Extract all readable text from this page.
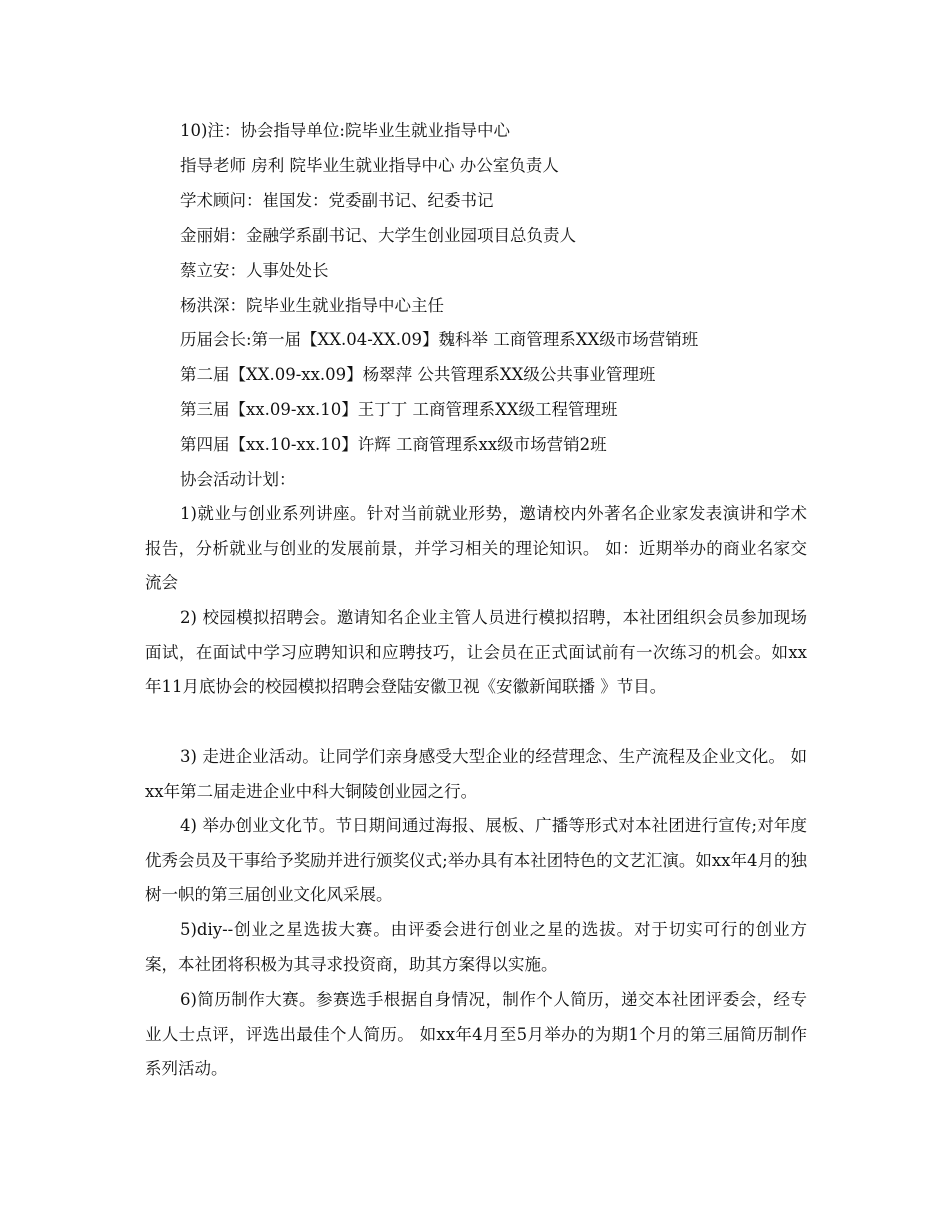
10)注：协会指导单位:院毕业生就业指导中心
指导老师 房利 院毕业生就业指导中心 办公室负责人
学术顾问：崔国发：党委副书记、纪委书记
金丽娟：金融学系副书记、大学生创业园项目总负责人
蔡立安：人事处处长
杨洪深：院毕业生就业指导中心主任
历届会长:第一届【XX.04-XX.09】魏科举 工商管理系XX级市场营销班
第二届【XX.09-xx.09】杨翠萍 公共管理系XX级公共事业管理班
第三届【xx.09-xx.10】王丁丁 工商管理系XX级工程管理班
第四届【xx.10-xx.10】许辉 工商管理系xx级市场营销2班
协会活动计划：

1)就业与创业系列讲座。针对当前就业形势，邀请校内外著名企业家发表演讲和学术报告，分析就业与创业的发展前景，并学习相关的理论知识。 如：近期举办的商业名家交流会

2) 校园模拟招聘会。邀请知名企业主管人员进行模拟招聘，本社团组织会员参加现场面试，在面试中学习应聘知识和应聘技巧，让会员在正式面试前有一次练习的机会。如xx年11月底协会的校园模拟招聘会登陆安徽卫视《安徽新闻联播 》节目。

3) 走进企业活动。让同学们亲身感受大型企业的经营理念、生产流程及企业文化。 如xx年第二届走进企业中科大铜陵创业园之行。

4) 举办创业文化节。节日期间通过海报、展板、广播等形式对本社团进行宣传;对年度优秀会员及干事给予奖励并进行颁奖仪式;举办具有本社团特色的文艺汇演。如xx年4月的独树一帜的第三届创业文化风采展。

5)diy--创业之星选拔大赛。由评委会进行创业之星的选拔。对于切实可行的创业方案，本社团将积极为其寻求投资商，助其方案得以实施。

6)简历制作大赛。参赛选手根据自身情况，制作个人简历，递交本社团评委会，经专业人士点评，评选出最佳个人简历。 如xx年4月至5月举办的为期1个月的第三届简历制作系列活动。
